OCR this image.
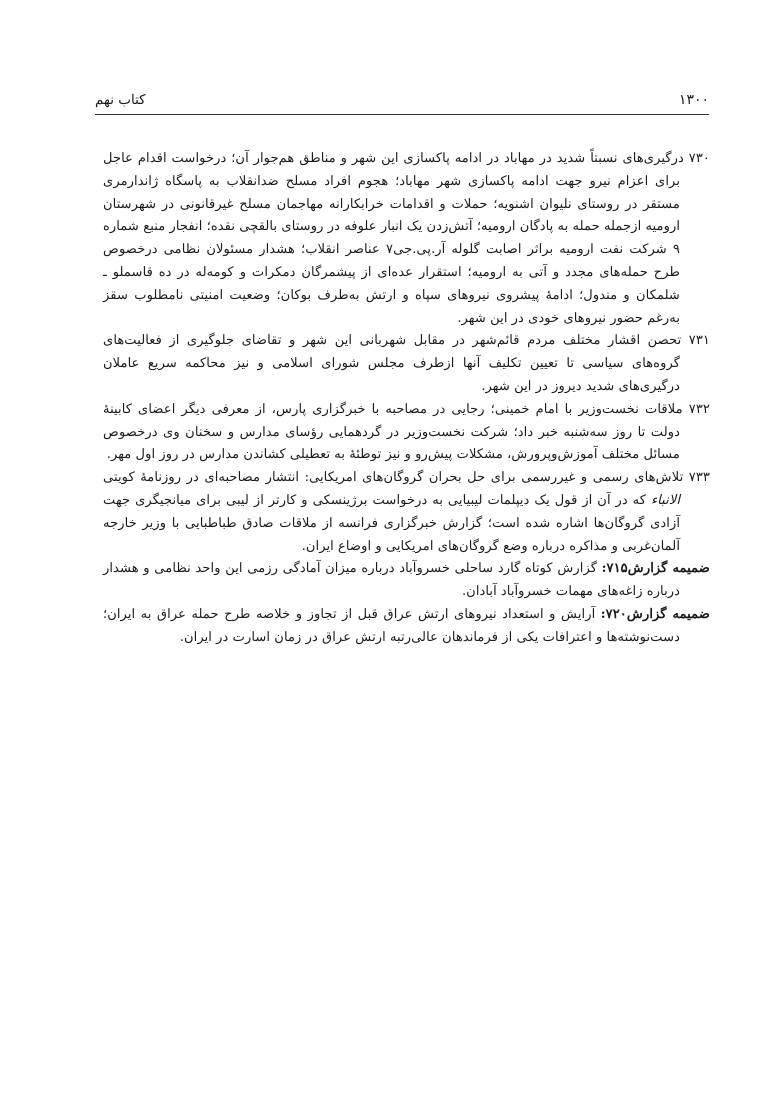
۱۳۰۰
کتاب نهم

۷۳۰ درگیری‌های نسبتاً شدید در مهاباد در ادامه پاکسازی این شهر و مناطق هم‌جوار آن؛ درخواست اقدام عاجل برای اعزام نیرو جهت ادامه پاکسازی شهر مهاباد؛ هجوم افراد مسلح ضدانقلاب به پاسگاه ژاندارمری مستقر در روستای نلیوان اشنویه؛ حملات و اقدامات خرابکارانه مهاجمان مسلح غیرقانونی در شهرستان ارومیه ازجمله حمله به پادگان ارومیه؛ آتش‌زدن یک انبار علوفه در روستای بالقچی نقده؛ انفجار منبع شماره ۹ شرکت نفت ارومیه براثر اصابت گلوله آر.پی.جی۷ عناصر انقلاب؛ هشدار مسئولان نظامی درخصوص طرح حمله‌های مجدد و آتی به ارومیه؛ استقرار عده‌ای از پیشمرگان دمکرات و کومه‌له در ده قاسملو ـ شلمکان و مندول؛ ادامهٔ پیشروی نیروهای سپاه و ارتش به‌طرف بوکان؛ وضعیت امنیتی نامطلوب سقز به‌رغم حضور نیروهای خودی در این شهر.

۷۳۱ تحصن اقشار مختلف مردم قائم‌شهر در مقابل شهربانی این شهر و تقاضای جلوگیری از فعالیت‌های گروه‌های سیاسی تا تعیین تکلیف آنها ازطرف مجلس شورای اسلامی و نیز محاکمه سریع عاملان درگیری‌های شدید دیروز در این شهر.

۷۳۲ ملاقات نخست‌وزیر با امام خمینی؛ رجایی در مصاحبه با خبرگزاری پارس، از معرفی دیگر اعضای کابینهٔ دولت تا روز سه‌شنبه خبر داد؛ شرکت نخست‌وزیر در گردهمایی رؤسای مدارس و سخنان وی درخصوص مسائل مختلف آموزش‌وپرورش، مشکلات پیش‌رو و نیز توطئهٔ به تعطیلی کشاندن مدارس در روز اول مهر.

۷۳۳ تلاش‌های رسمی و غیررسمی برای حل بحران گروگان‌های امریکایی: انتشار مصاحبه‌ای در روزنامهٔ کویتی الانباء که در آن از قول یک دیپلمات لیبیایی به درخواست برژینسکی و کارتر از لیبی برای میانجیگری جهت آزادی گروگان‌ها اشاره شده است؛ گزارش خبرگزاری فرانسه از ملاقات صادق طباطبایی با وزیر خارجه آلمان‌غربی و مذاکره درباره وضع گروگان‌های امریکایی و اوضاع ایران.

ضمیمه گزارش۷۱۵: گزارش کوتاه گارد ساحلی خسروآباد درباره میزان آمادگی رزمی این واحد نظامی و هشدار درباره زاغه‌های مهمات خسروآباد آبادان.

ضمیمه گزارش۷۲۰: آرایش و استعداد نیروهای ارتش عراق قبل از تجاوز و خلاصه طرح حمله عراق به ایران؛ دست‌نوشته‌ها و اعترافات یکی از فرماندهان عالی‌رتبه ارتش عراق در زمان اسارت در ایران.
